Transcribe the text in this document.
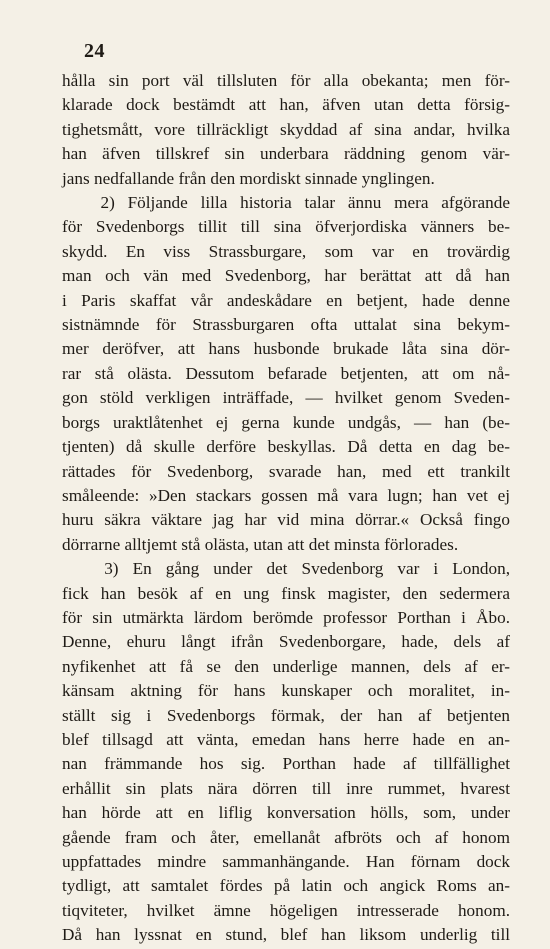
24
hålla sin port väl tillsluten för alla obekanta; men för-
klarade dock bestämdt att han, äfven utan detta försig-
tighetsmått, vore tillräckligt skyddad af sina andar, hvilka
han äfven tillskref sin underbara räddning genom vär-
jans nedfallande från den mordiskt sinnade ynglingen.
2) Följande lilla historia talar ännu mera afgörande
för Svedenborgs tillit till sina öfverjordiska vänners be-
skydd. En viss Strassburgare, som var en trovärdig
man och vän med Svedenborg, har berättat att då han
i Paris skaffat vår andeskådare en betjent, hade denne
sistnämnde för Strassburgaren ofta uttalat sina bekym-
mer deröfver, att hans husbonde brukade låta sina dör-
rar stå olästa. Dessutom befarade betjenten, att om nå-
gon stöld verkligen inträffade, — hvilket genom Sveden-
borgs uraktlåtenhet ej gerna kunde undgås, — han (be-
tjenten) då skulle derföre beskyllas. Då detta en dag be-
rättades för Svedenborg, svarade han, med ett trankilt
småleende: »Den stackars gossen må vara lugn; han vet ej
huru säkra väktare jag har vid mina dörrar.« Också fingo
dörrarne alltjemt stå olästa, utan att det minsta förlorades.
3) En gång under det Svedenborg var i London,
fick han besök af en ung finsk magister, den sedermera
för sin utmärkta lärdom berömde professor Porthan i Åbo.
Denne, ehuru långt ifrån Svedenborgare, hade, dels af
nyfikenhet att få se den underlige mannen, dels af er-
känsam aktning för hans kunskaper och moralitet, in-
ställt sig i Svedenborgs förmak, der han af betjenten
blef tillsagd att vänta, emedan hans herre hade en an-
nan främmande hos sig. Porthan hade af tillfällighet
erhållit sin plats nära dörren till inre rummet, hvarest
han hörde att en liflig konversation hölls, som, under
gående fram och åter, emellanåt afbröts och af honom
uppfattades mindre sammanhängande. Han förnam dock
tydligt, att samtalet fördes på latin och angick Roms an-
tiqviteter, hvilket ämne högeligen intresserade honom.
Då han lyssnat en stund, blef han liksom underlig till
